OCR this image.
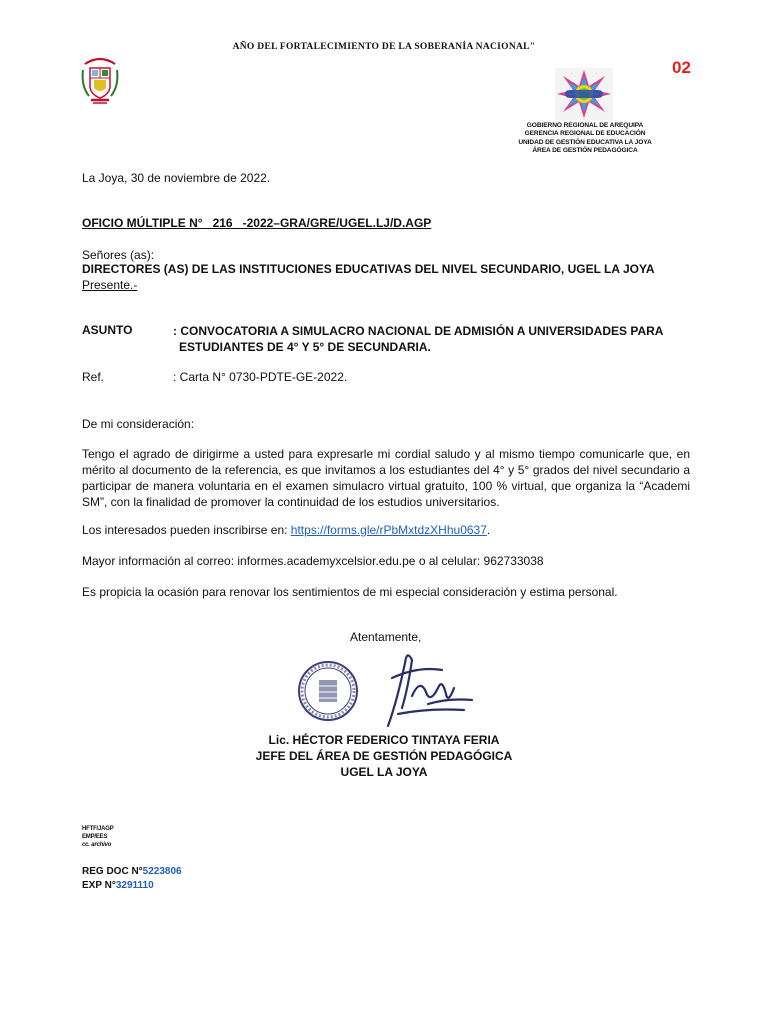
AÑO DEL FORTALECIMIENTO DE LA SOBERANÍA NACIONAL"
02
GOBIERNO REGIONAL DE AREQUIPA
GERENCIA REGIONAL DE EDUCACIÓN
UNIDAD DE GESTIÓN EDUCATIVA LA JOYA
ÁREA DE GESTIÓN PEDAGÓGICA
La Joya, 30 de noviembre de 2022.
OFICIO MÚLTIPLE N°   216   -2022–GRA/GRE/UGEL.LJ/D.AGP
Señores (as):
DIRECTORES (AS) DE LAS INSTITUCIONES EDUCATIVAS DEL NIVEL SECUNDARIO, UGEL LA JOYA
Presente.-
ASUNTO	: CONVOCATORIA A SIMULACRO NACIONAL DE ADMISIÓN A UNIVERSIDADES PARA
ESTUDIANTES DE 4° Y 5° DE SECUNDARIA.
Ref.	: Carta N° 0730-PDTE-GE-2022.
De mi consideración:
Tengo el agrado de dirigirme a usted para expresarle mi cordial saludo y al mismo tiempo comunicarle que, en mérito al documento de la referencia, es que invitamos a los estudiantes del 4° y 5° grados del nivel secundario a participar de manera voluntaria en el examen simulacro virtual gratuito, 100 % virtual, que organiza la “Academi SM”, con la finalidad de promover la continuidad de los estudios universitarios.
Los interesados pueden inscribirse en: https://forms.gle/rPbMxtdzXHhu0637.
Mayor información al correo: informes.academyxcelsior.edu.pe o al celular: 962733038
Es propicia la ocasión para renovar los sentimientos de mi especial consideración y estima personal.
Atentamente,
Lic. HÉCTOR FEDERICO TINTAYA FERIA
JEFE DEL ÁREA DE GESTIÓN PEDAGÓGICA
UGEL LA JOYA
HFTF/JAGP
EMP/EES
cc. archivo
REG DOC N°5223806
EXP N°3291110
